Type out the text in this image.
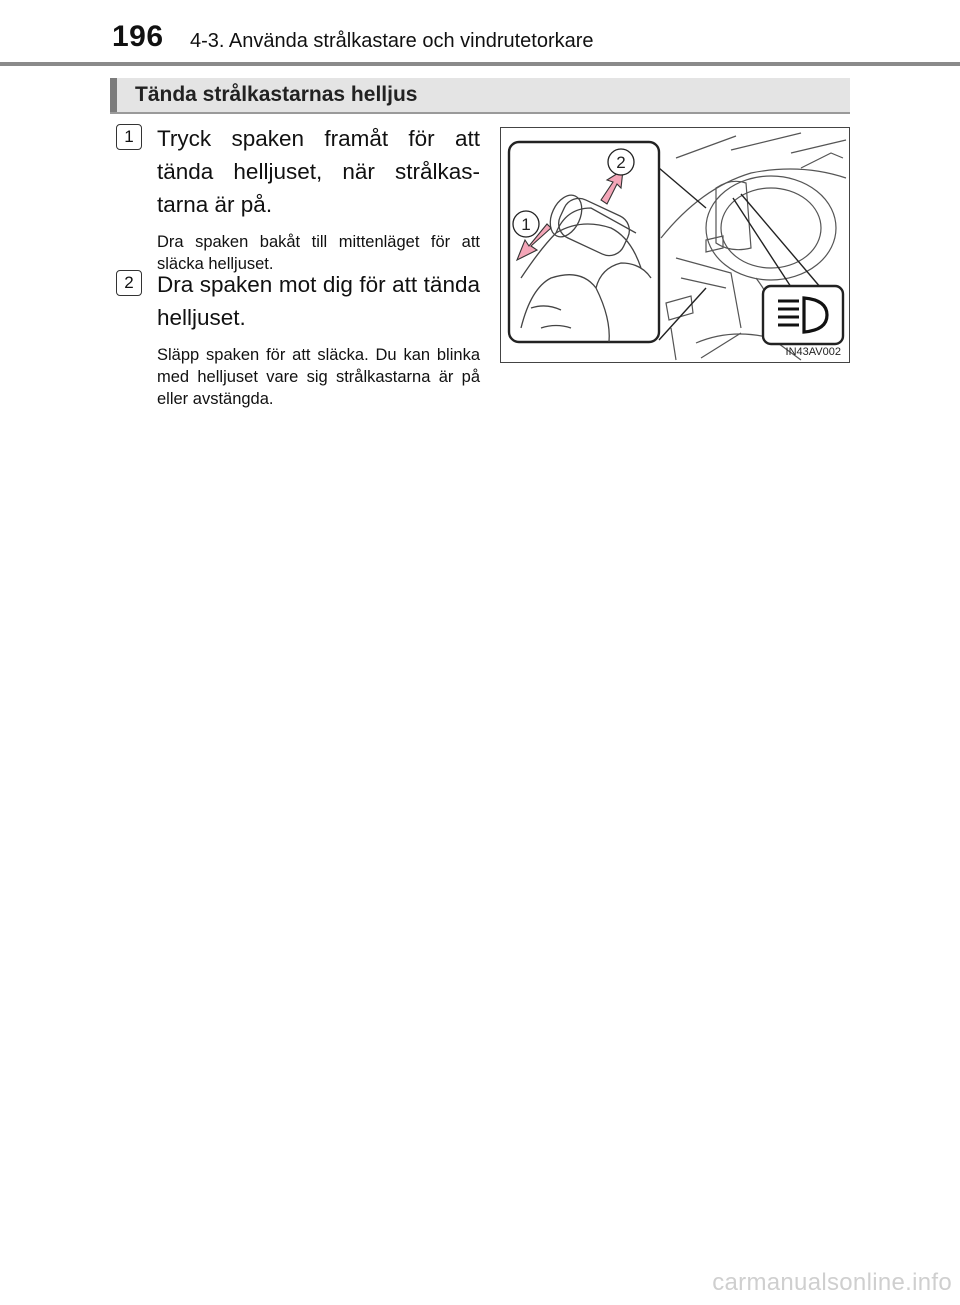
196 4-3. Använda strålkastare och vindrutetorkare
Tända strålkastarnas helljus
1	Tryck spaken framåt för att tända helljuset, när strålkas-tarna är på.
Dra spaken bakåt till mittenläget för att släcka helljuset.
2	Dra spaken mot dig för att tända helljuset.
Släpp spaken för att släcka. Du kan blinka med helljuset vare sig strålkastarna är på eller avstängda.
2
1
IN43AV002
carmanualsonline.info
